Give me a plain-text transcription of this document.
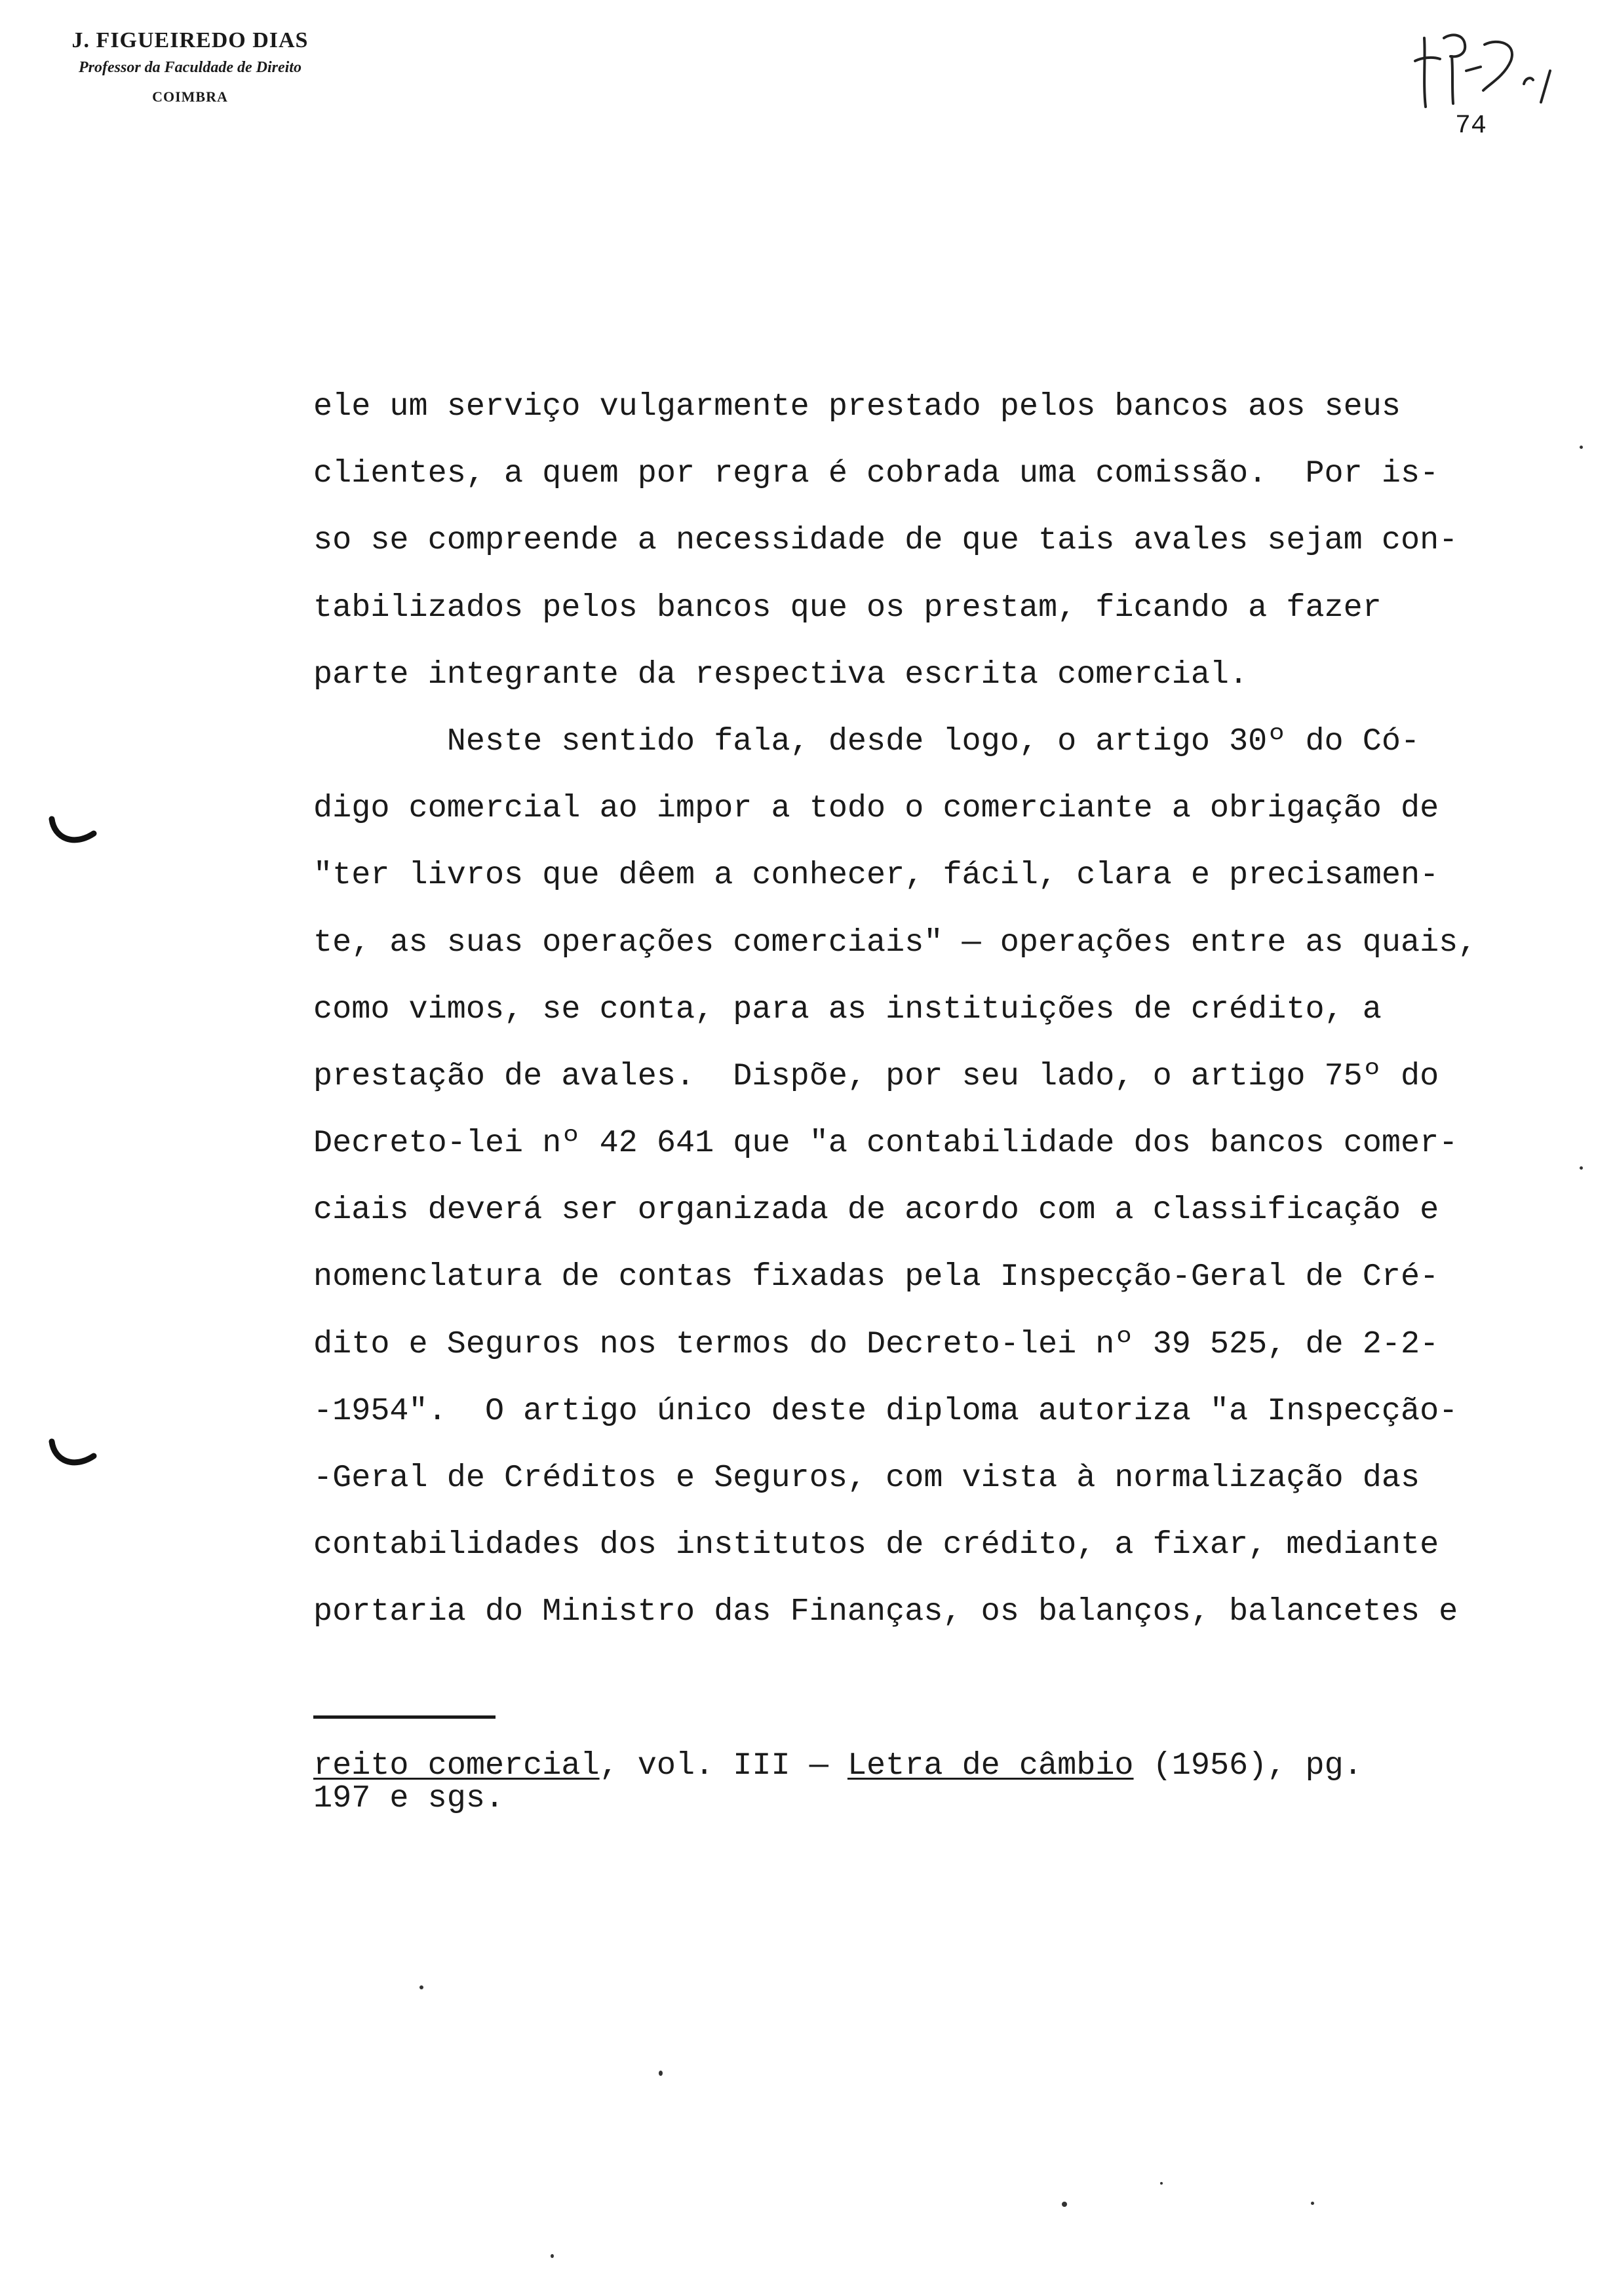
J. FIGUEIREDO DIAS
Professor da Faculdade de Direito
COIMBRA
74
ele um serviço vulgarmente prestado pelos bancos aos seus
clientes, a quem por regra é cobrada uma comissão.  Por is-
so se compreende a necessidade de que tais avales sejam con-
tabilizados pelos bancos que os prestam, ficando a fazer
parte integrante da respectiva escrita comercial.
Neste sentido fala, desde logo, o artigo 30º do Có-
digo comercial ao impor a todo o comerciante a obrigação de
"ter livros que dêem a conhecer, fácil, clara e precisamen-
te, as suas operações comerciais" — operações entre as quais,
como vimos, se conta, para as instituições de crédito, a
prestação de avales.  Dispõe, por seu lado, o artigo 75º do
Decreto-lei nº 42 641 que "a contabilidade dos bancos comer-
ciais deverá ser organizada de acordo com a classificação e
nomenclatura de contas fixadas pela Inspecção-Geral de Cré-
dito e Seguros nos termos do Decreto-lei nº 39 525, de 2-2-
-1954".  O artigo único deste diploma autoriza "a Inspecção-
-Geral de Créditos e Seguros, com vista à normalização das
contabilidades dos institutos de crédito, a fixar, mediante
portaria do Ministro das Finanças, os balanços, balancetes e
reito comercial, vol. III — Letra de câmbio (1956), pg.
197 e sgs.
